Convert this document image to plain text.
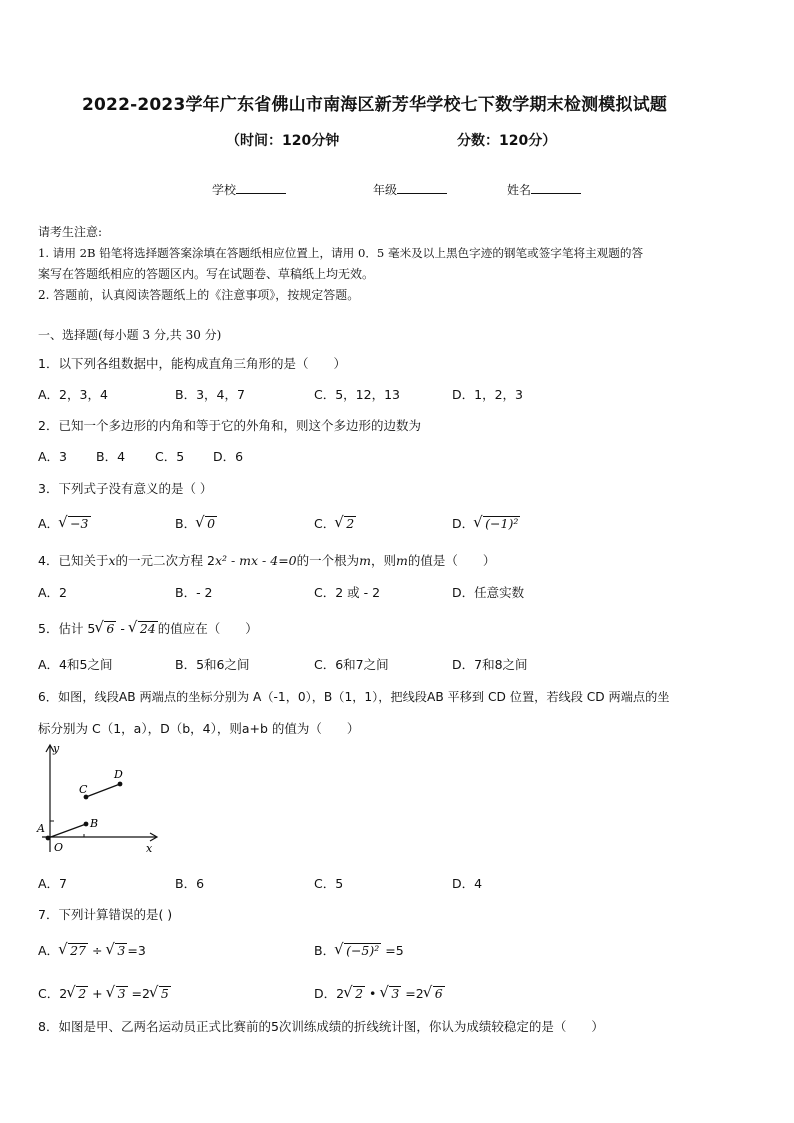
2022-2023学年广东省佛山市南海区新芳华学校七下数学期末检测模拟试题
（时间：120分钟	分数：120分）
学校	年级	姓名
请考生注意:
1. 请用 2B 铅笔将选择题答案涂填在答题纸相应位置上，请用 0．5 毫米及以上黑色字迹的钢笔或签字笔将主观题的答
案写在答题纸相应的答题区内。写在试题卷、草稿纸上均无效。
2. 答题前，认真阅读答题纸上的《注意事项》，按规定答题。
一、选择题(每小题 3 分,共 30 分)
1．以下列各组数据中，能构成直角三角形的是（　　）
A．2，3，4	B．3，4，7	C．5，12，13	D．1，2，3
2．已知一个多边形的内角和等于它的外角和，则这个多边形的边数为
A．3 B．4 C．5 D．6
3．下列式子没有意义的是（ ）
A． √ −3	B． √ 0	C． √ 2	D． √ (−1)²
4．已知关于x的一元二次方程 2x² - mx - 4=0的一个根为m，则m的值是（　　）
A．2	B．- 2	C．2 或 - 2	D．任意实数
5．估计 5 √ 6 - √ 24 的值应在（　　）
A．4和5之间	B．5和6之间	C．6和7之间	D．7和8之间
6．如图，线段AB 两端点的坐标分别为 A（-1，0），B（1，1），把线段AB 平移到 CD 位置，若线段 CD 两端点的坐
标分别为 C（1，a），D（b，4），则a+b 的值为（　　）
y
x
O
A	B
C
D
A．7	B．6	C．5	D．4
7．下列计算错误的是( )
A． √ 27 ÷ √ 3 =3	B． √ (−5)² =5
C．2 √ 2 + √ 3 =2 √ 5	D．2 √ 2 • √ 3 =2 √ 6
8．如图是甲、乙两名运动员正式比赛前的5次训练成绩的折线统计图，你认为成绩较稳定的是（　　）
